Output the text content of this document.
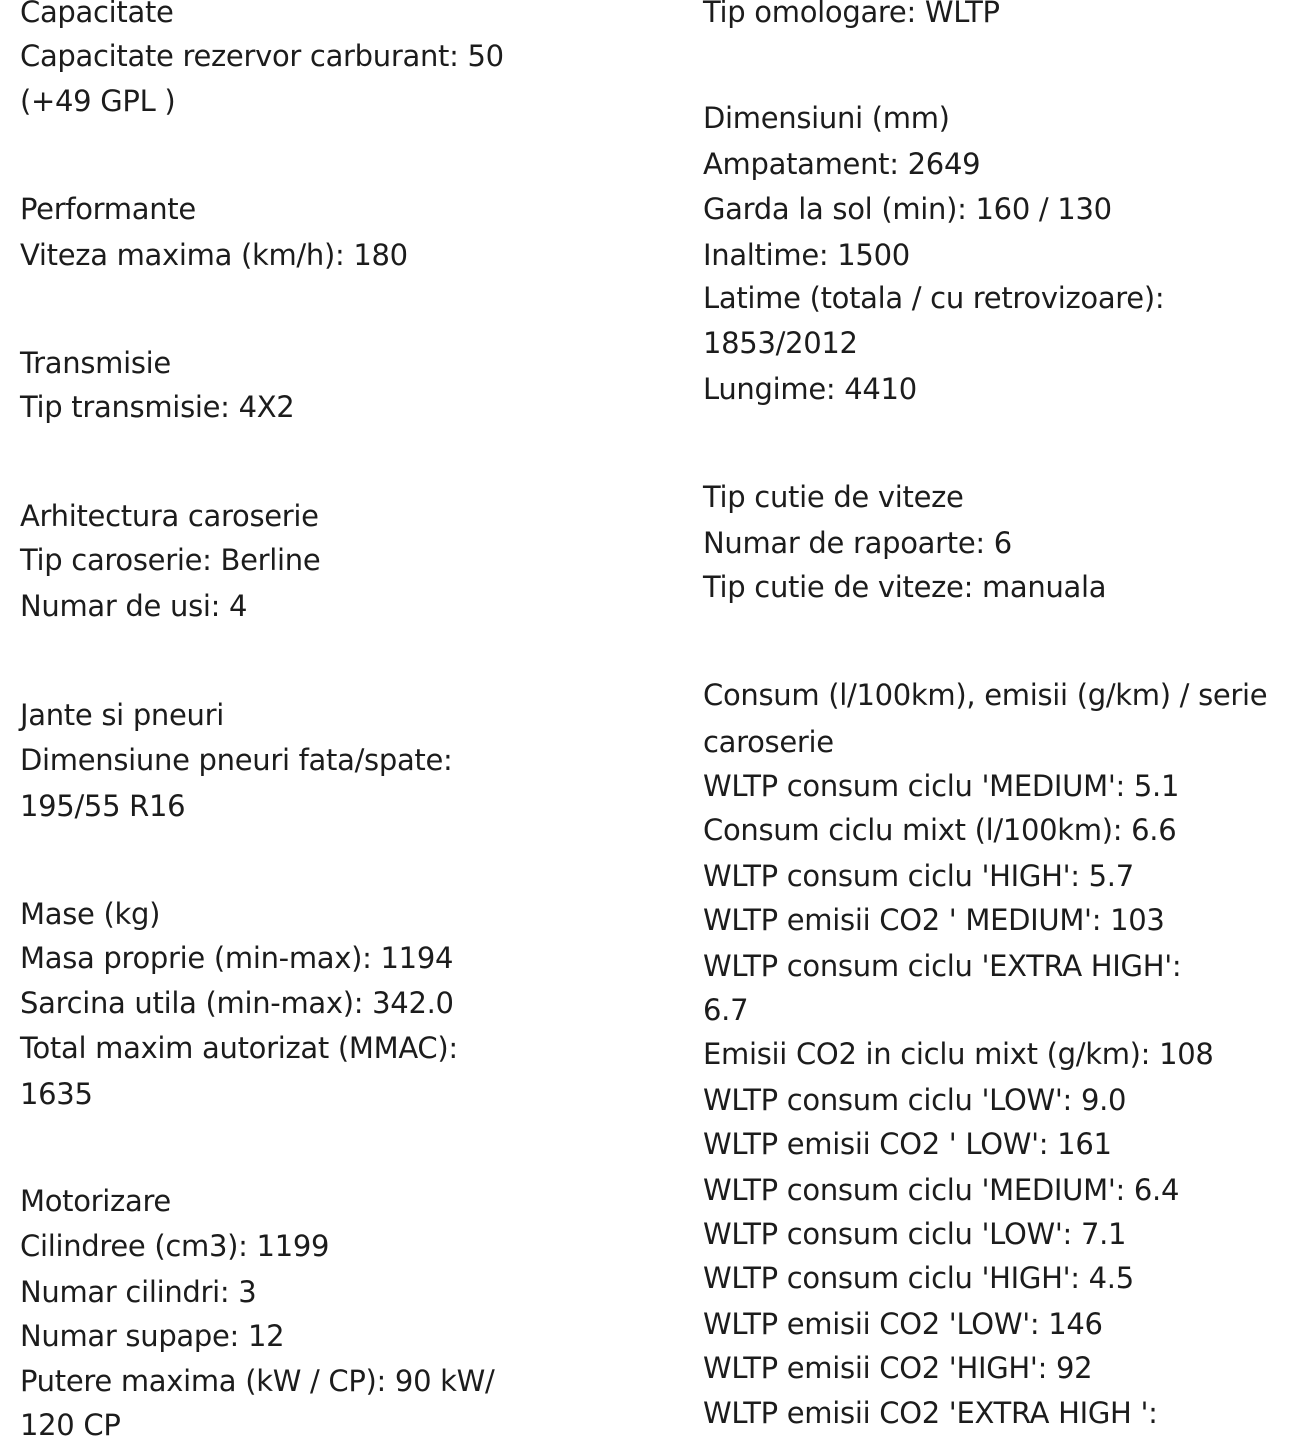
Capacitate
Capacitate rezervor carburant: 50
(+49 GPL )
Performante
Viteza maxima (km/h): 180
Transmisie
Tip transmisie: 4X2
Arhitectura caroserie
Tip caroserie: Berline
Numar de usi: 4
Jante si pneuri
Dimensiune pneuri fata/spate:
195/55 R16
Mase (kg)
Masa proprie (min-max): 1194
Sarcina utila (min-max): 342.0
Total maxim autorizat (MMAC):
1635
Motorizare
Cilindree (cm3): 1199
Numar cilindri: 3
Numar supape: 12
Putere maxima (kW / CP): 90 kW/
120 CP
Tip omologare: WLTP
Dimensiuni (mm)
Ampatament: 2649
Garda la sol (min): 160 / 130
Inaltime: 1500
Latime (totala / cu retrovizoare):
1853/2012
Lungime: 4410
Tip cutie de viteze
Numar de rapoarte: 6
Tip cutie de viteze: manuala
Consum (l/100km), emisii (g/km) / serie
caroserie
WLTP consum ciclu 'MEDIUM': 5.1
Consum ciclu mixt (l/100km): 6.6
WLTP consum ciclu 'HIGH': 5.7
WLTP emisii CO2 ' MEDIUM': 103
WLTP consum ciclu 'EXTRA HIGH':
6.7
Emisii CO2 in ciclu mixt (g/km): 108
WLTP consum ciclu 'LOW': 9.0
WLTP emisii CO2 ' LOW': 161
WLTP consum ciclu 'MEDIUM': 6.4
WLTP consum ciclu 'LOW': 7.1
WLTP consum ciclu 'HIGH': 4.5
WLTP emisii CO2 'LOW': 146
WLTP emisii CO2 'HIGH': 92
WLTP emisii CO2 'EXTRA HIGH ':
